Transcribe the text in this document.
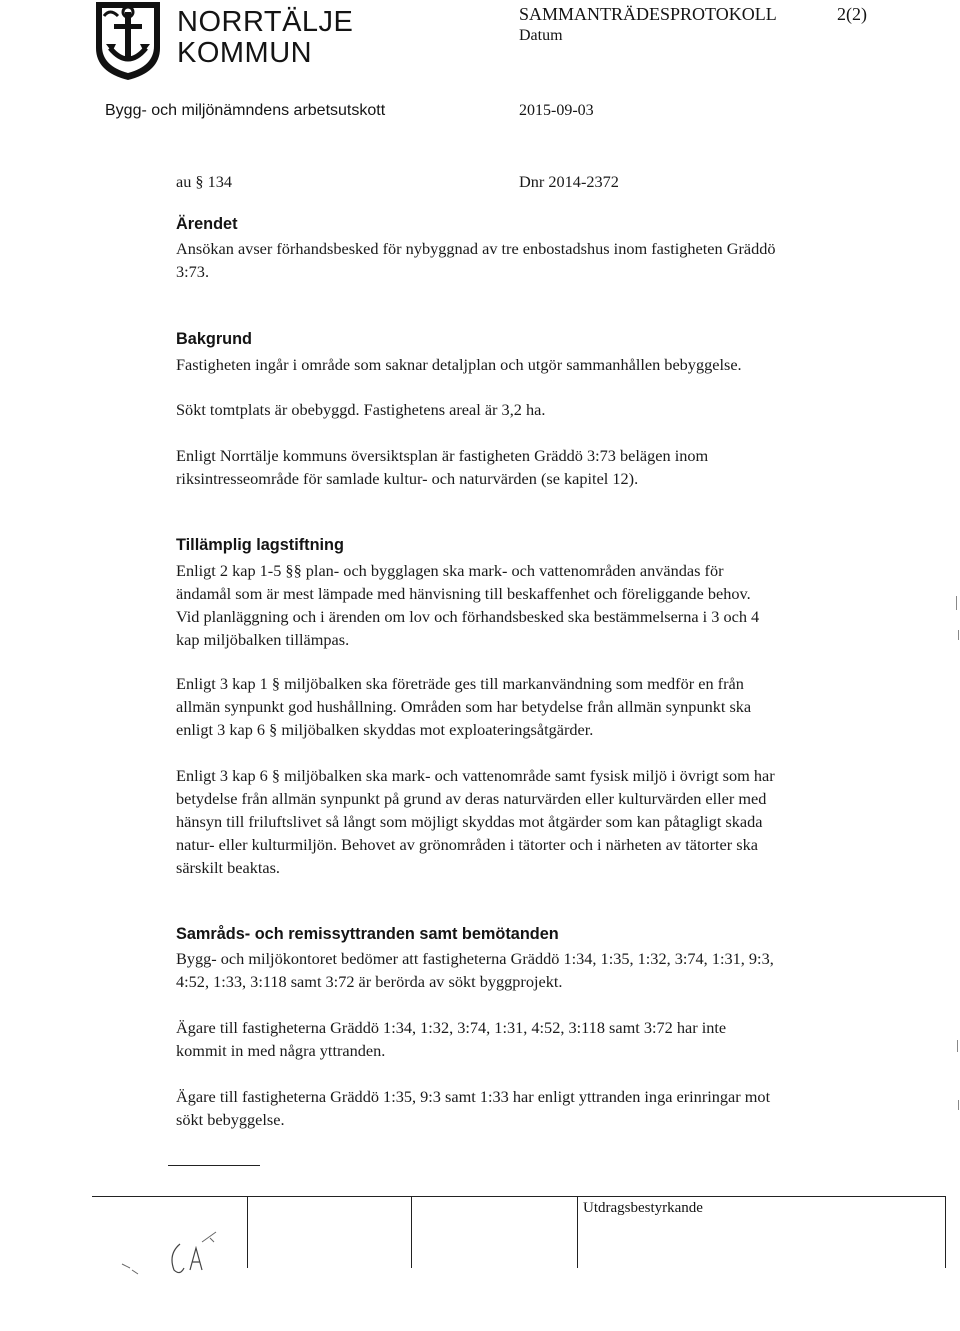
NORRTÄLJE
KOMMUN
SAMMANTRÄDESPROTOKOLL	2(2)
Datum
Bygg- och miljönämndens arbetsutskott	2015-09-03
au § 134	Dnr 2014-2372
Ärendet

Ansökan avser förhandsbesked för nybyggnad av tre enbostadshus inom fastigheten Gräddö

3:73.

Bakgrund

Fastigheten ingår i område som saknar detaljplan och utgör sammanhållen bebyggelse.

Sökt tomtplats är obebyggd. Fastighetens areal är 3,2 ha.

Enligt Norrtälje kommuns översiktsplan är fastigheten Gräddö 3:73 belägen inom

riksintresseområde för samlade kultur- och naturvärden (se kapitel 12).

Tillämplig lagstiftning

Enligt 2 kap 1-5 §§ plan- och bygglagen ska mark- och vattenområden användas för

ändamål som är mest lämpade med hänvisning till beskaffenhet och föreliggande behov.

Vid planläggning och i ärenden om lov och förhandsbesked ska bestämmelserna i 3 och 4

kap miljöbalken tillämpas.

Enligt 3 kap 1 § miljöbalken ska företräde ges till markanvändning som medför en från

allmän synpunkt god hushållning. Områden som har betydelse från allmän synpunkt ska

enligt 3 kap 6 § miljöbalken skyddas mot exploateringsåtgärder.

Enligt 3 kap 6 § miljöbalken ska mark- och vattenområde samt fysisk miljö i övrigt som har

betydelse från allmän synpunkt på grund av deras naturvärden eller kulturvärden eller med

hänsyn till friluftslivet så långt som möjligt skyddas mot åtgärder som kan påtagligt skada

natur- eller kulturmiljön. Behovet av grönområden i tätorter och i närheten av tätorter ska

särskilt beaktas.

Samråds- och remissyttranden samt bemötanden

Bygg- och miljökontoret bedömer att fastigheterna Gräddö 1:34, 1:35, 1:32, 3:74, 1:31, 9:3,

4:52, 1:33, 3:118 samt 3:72 är berörda av sökt byggprojekt.

Ägare till fastigheterna Gräddö 1:34, 1:32, 3:74, 1:31, 4:52, 3:118 samt 3:72 har inte

kommit in med några yttranden.

Ägare till fastigheterna Gräddö 1:35, 9:3 samt 1:33 har enligt yttranden inga erinringar mot

sökt bebyggelse.

Utdragsbestyrkande
